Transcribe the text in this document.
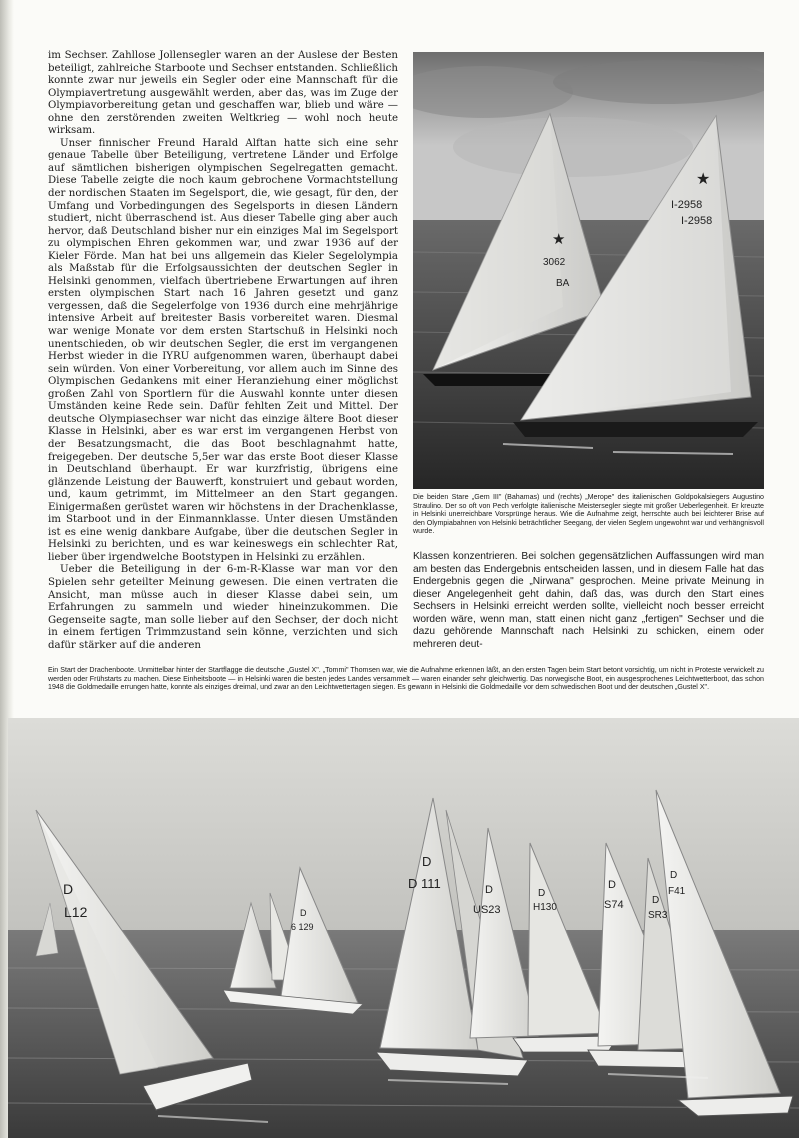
im Sechser. Zahllose Jollensegler waren an der Auslese der Besten beteiligt, zahlreiche Starboote und Sechser entstanden. Schließlich konnte zwar nur jeweils ein Segler oder eine Mannschaft für die Olympiavertretung ausgewählt werden, aber das, was im Zuge der Olympiavorbereitung getan und geschaffen war, blieb und wäre — ohne den zerstörenden zweiten Weltkrieg — wohl noch heute wirksam.

Unser finnischer Freund Harald Alftan hatte sich eine sehr genaue Tabelle über Beteiligung, vertretene Länder und Erfolge auf sämtlichen bisherigen olympischen Segelregatten gemacht. Diese Tabelle zeigte die noch kaum gebrochene Vormachtstellung der nordischen Staaten im Segelsport, die, wie gesagt, für den, der Umfang und Vorbedingungen des Segelsports in diesen Ländern studiert, nicht überraschend ist. Aus dieser Tabelle ging aber auch hervor, daß Deutschland bisher nur ein einziges Mal im Segelsport zu olympischen Ehren gekommen war, und zwar 1936 auf der Kieler Förde. Man hat bei uns allgemein das Kieler Segelolympia als Maßstab für die Erfolgsaussichten der deutschen Segler in Helsinki genommen, vielfach übertriebene Erwartungen auf ihren ersten olympischen Start nach 16 Jahren gesetzt und ganz vergessen, daß die Segelerfolge von 1936 durch eine mehrjährige intensive Arbeit auf breitester Basis vorbereitet waren. Diesmal war wenige Monate vor dem ersten Startschuß in Helsinki noch unentschieden, ob wir deutschen Segler, die erst im vergangenen Herbst wieder in die IYRU aufgenommen waren, überhaupt dabei sein würden. Von einer Vorbereitung, vor allem auch im Sinne des Olympischen Gedankens mit einer Heranziehung einer möglichst großen Zahl von Sportlern für die Auswahl konnte unter diesen Umständen keine Rede sein. Dafür fehlten Zeit und Mittel. Der deutsche Olympiasechser war nicht das einzige ältere Boot dieser Klasse in Helsinki, aber es war erst im vergangenen Herbst von der Besatzungsmacht, die das Boot beschlagnahmt hatte, freigegeben. Der deutsche 5,5er war das erste Boot dieser Klasse in Deutschland überhaupt. Er war kurzfristig, übrigens eine glänzende Leistung der Bauwerft, konstruiert und gebaut worden, und, kaum getrimmt, im Mittelmeer an den Start gegangen. Einigermaßen gerüstet waren wir höchstens in der Drachenklasse, im Starboot und in der Einmannklasse. Unter diesen Umständen ist es eine wenig dankbare Aufgabe, über die deutschen Segler in Helsinki zu berichten, und es war keineswegs ein schlechter Rat, lieber über irgendwelche Bootstypen in Helsinki zu erzählen.

Ueber die Beteiligung in der 6-m-R-Klasse war man vor den Spielen sehr geteilter Meinung gewesen. Die einen vertraten die Ansicht, man müsse auch in dieser Klasse dabei sein, um Erfahrungen zu sammeln und wieder hineinzukommen. Die Gegenseite sagte, man solle lieber auf den Sechser, der doch nicht in einem fertigen Trimmzustand sein könne, verzichten und sich dafür stärker auf die anderen

★
3062
BA
★
I-2958
I-2958
Die beiden Stare „Gem III" (Bahamas) und (rechts) „Merope" des italienischen Goldpokalsiegers Augustino Straulino. Der so oft von Pech verfolgte italienische Meistersegler siegte mit großer Ueberlegenheit. Er kreuzte in Helsinki unerreichbare Vorsprünge heraus. Wie die Aufnahme zeigt, herrschte auch bei leichterer Brise auf den Olympiabahnen von Helsinki beträchtlicher Seegang, der vielen Seglern ungewohnt war und verhängnisvoll wurde.
Klassen konzentrieren. Bei solchen gegensätzlichen Auffassungen wird man am besten das Endergebnis entscheiden lassen, und in diesem Falle hat das Endergebnis gegen die „Nirwana" gesprochen. Meine private Meinung in dieser Angelegenheit geht dahin, daß das, was durch den Start eines Sechsers in Helsinki erreicht werden sollte, vielleicht noch besser erreicht worden wäre, wenn man, statt einen nicht ganz „fertigen" Sechser und die dazu gehörende Mannschaft nach Helsinki zu schicken, einem oder mehreren deut-
Ein Start der Drachenboote. Unmittelbar hinter der Startflagge die deutsche „Gustel X". „Tommi" Thomsen war, wie die Aufnahme erkennen läßt, an den ersten Tagen beim Start betont vorsichtig, um nicht in Proteste verwickelt zu werden oder Frühstarts zu machen. Diese Einheitsboote — in Helsinki waren die besten jedes Landes versammelt — waren einander sehr gleichwertig. Das norwegische Boot, ein ausgesprochenes Leichtwetterboot, das schon 1948 die Goldmedaille errungen hatte, konnte als einziges dreimal, und zwar an den Leichtwettertagen siegen. Es gewann in Helsinki die Goldmedaille vor dem schwedischen Boot und der deutschen „Gustel X".
D
L12	D
6 129
D
D 111	D
US23
D
H130
D
S74	D
SR3
D
F41
